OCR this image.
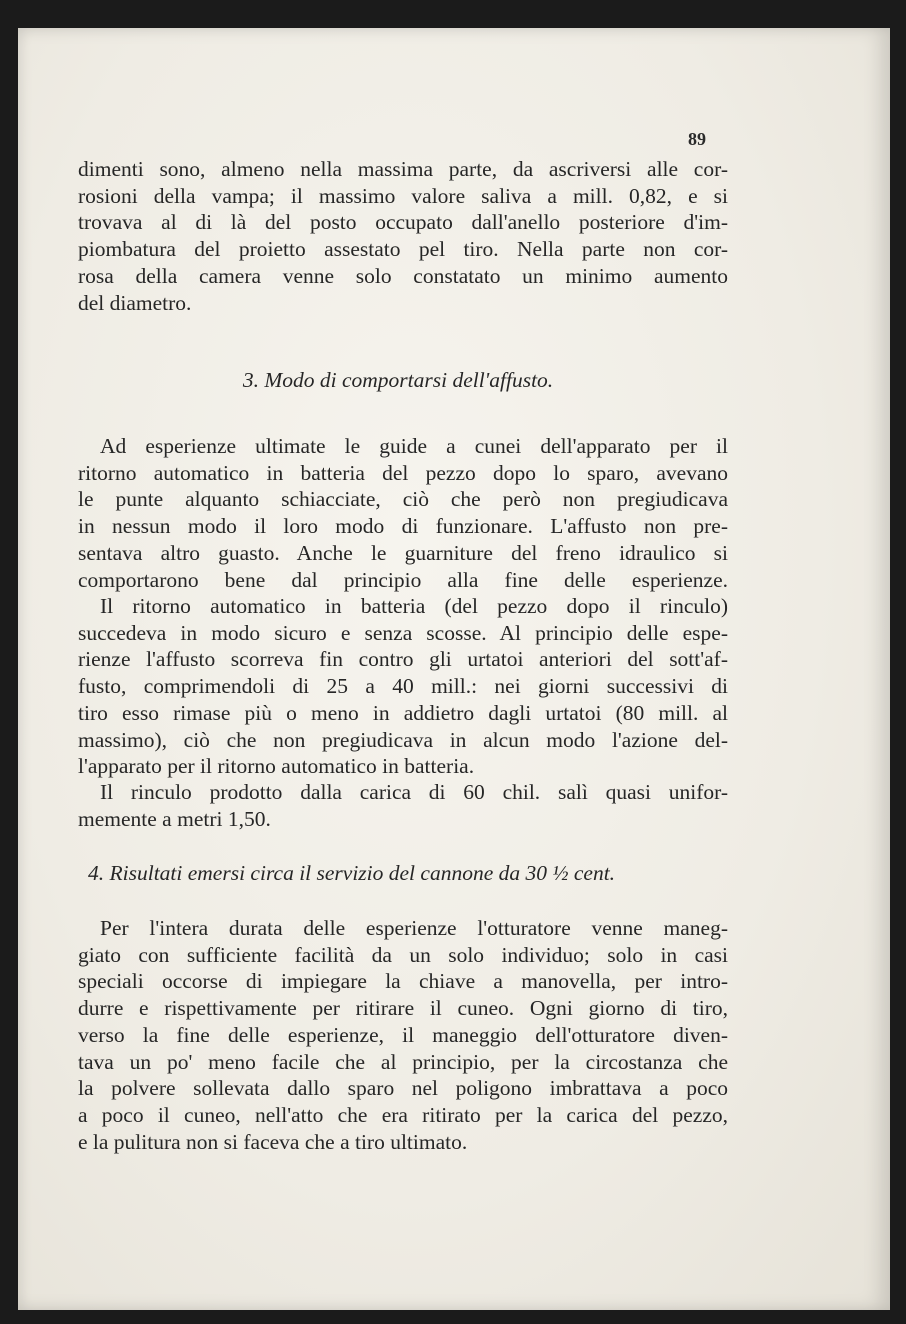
89

dimenti sono, almeno nella massima parte, da ascriversi alle cor-
rosioni della vampa; il massimo valore saliva a mill. 0,82, e si
trovava al di là del posto occupato dall'anello posteriore d'im-
piombatura del proietto assestato pel tiro. Nella parte non cor-
rosa della camera venne solo constatato un minimo aumento
del diametro.

3. Modo di comportarsi dell'affusto.

Ad esperienze ultimate le guide a cunei dell'apparato per il
ritorno automatico in batteria del pezzo dopo lo sparo, avevano
le punte alquanto schiacciate, ciò che però non pregiudicava
in nessun modo il loro modo di funzionare. L'affusto non pre-
sentava altro guasto. Anche le guarniture del freno idraulico si
comportarono bene dal principio alla fine delle esperienze.
Il ritorno automatico in batteria (del pezzo dopo il rinculo)
succedeva in modo sicuro e senza scosse. Al principio delle espe-
rienze l'affusto scorreva fin contro gli urtatoi anteriori del sott'af-
fusto, comprimendoli di 25 a 40 mill.: nei giorni successivi di
tiro esso rimase più o meno in addietro dagli urtatoi (80 mill. al
massimo), ciò che non pregiudicava in alcun modo l'azione del-
l'apparato per il ritorno automatico in batteria.
Il rinculo prodotto dalla carica di 60 chil. salì quasi unifor-
memente a metri 1,50.

4. Risultati emersi circa il servizio del cannone da 30 ½ cent.

Per l'intera durata delle esperienze l'otturatore venne maneg-
giato con sufficiente facilità da un solo individuo; solo in casi
speciali occorse di impiegare la chiave a manovella, per intro-
durre e rispettivamente per ritirare il cuneo. Ogni giorno di tiro,
verso la fine delle esperienze, il maneggio dell'otturatore diven-
tava un po' meno facile che al principio, per la circostanza che
la polvere sollevata dallo sparo nel poligono imbrattava a poco
a poco il cuneo, nell'atto che era ritirato per la carica del pezzo,
e la pulitura non si faceva che a tiro ultimato.
